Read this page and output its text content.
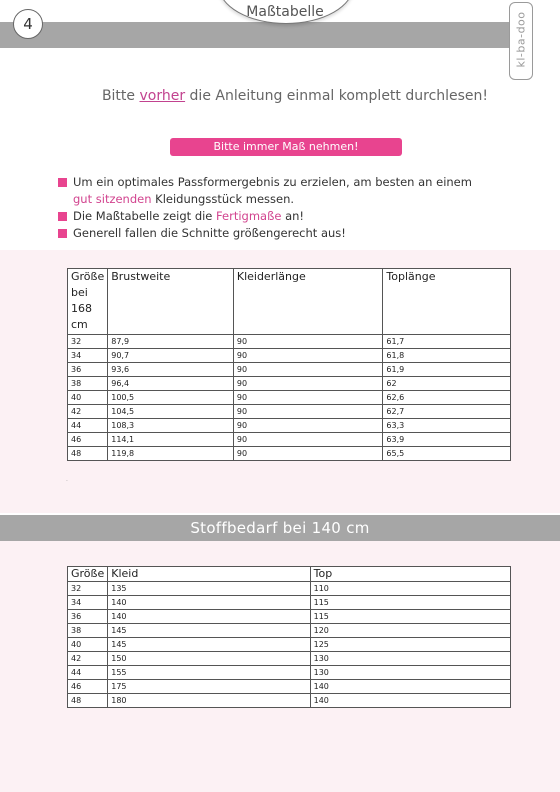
4
Maßtabelle	kl-ba-doo
Bitte vorher die Anleitung einmal komplett durchlesen!
Bitte immer Maß nehmen!
Um ein optimales Passformergebnis zu erzielen, am besten an einem gut sitzenden Kleidungsstück messen.
Die Maßtabelle zeigt die Fertigmaße an!
Generell fallen die Schnitte größengerecht aus!
Größe bei 168 cm	Brustweite	Kleiderlänge	Toplänge
32	87,9	90	61,7
34	90,7	90	61,8
36	93,6	90	61,9
38	96,4	90	62
40	100,5	90	62,6
42	104,5	90	62,7
44	108,3	90	63,3
46	114,1	90	63,9
48	119,8	90	65,5
·
Stoffbedarf bei 140 cm
Größe	Kleid	Top
32	135	110
34	140	115
36	140	115
38	145	120
40	145	125
42	150	130
44	155	130
46	175	140
48	180	140
